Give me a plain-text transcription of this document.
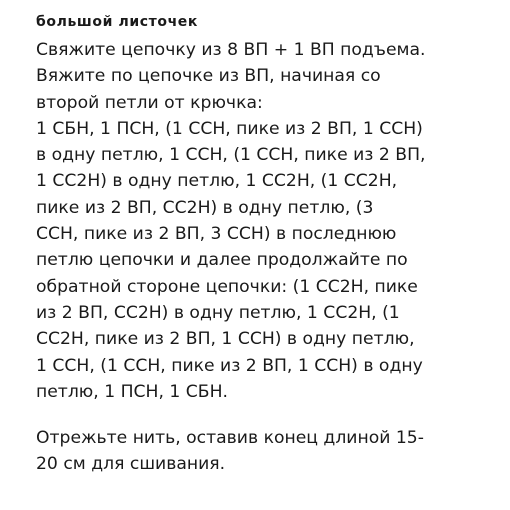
большой листочек
Свяжите цепочку из 8 ВП + 1 ВП подъема.
Вяжите по цепочке из ВП, начиная со
второй петли от крючка:
1 СБН, 1 ПСН, (1 ССН, пике из 2 ВП, 1 ССН)
в одну петлю, 1 ССН, (1 ССН, пике из 2 ВП,
1 СС2Н) в одну петлю, 1 СС2Н, (1 СС2Н,
пике из 2 ВП, СС2Н) в одну петлю, (3
ССН, пике из 2 ВП, 3 ССН) в последнюю
петлю цепочки и далее продолжайте по
обратной стороне цепочки: (1 СС2Н, пике
из 2 ВП, СС2Н) в одну петлю, 1 СС2Н, (1
СС2Н, пике из 2 ВП, 1 ССН) в одну петлю,
1 ССН, (1 ССН, пике из 2 ВП, 1 ССН) в одну
петлю, 1 ПСН, 1 СБН.
Отрежьте нить, оставив конец длиной 15-
20 см для сшивания.
